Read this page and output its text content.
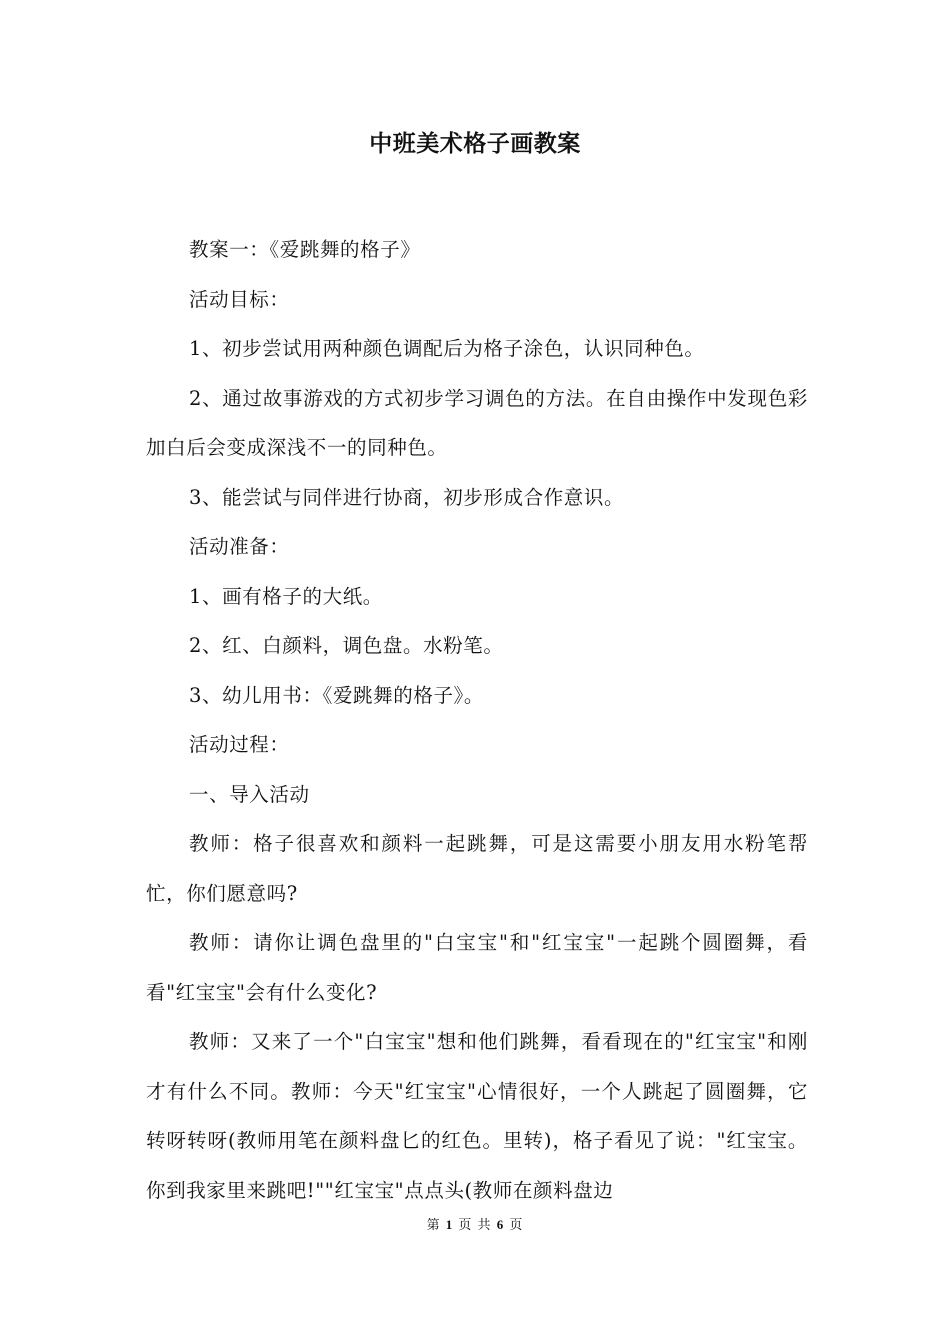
中班美术格子画教案

教案一：《爱跳舞的格子》

活动目标：

1、初步尝试用两种颜色调配后为格子涂色，认识同种色。

2、通过故事游戏的方式初步学习调色的方法。在自由操作中发现色彩加白后会变成深浅不一的同种色。

3、能尝试与同伴进行协商，初步形成合作意识。

活动准备：

1、画有格子的大纸。

2、红、白颜料，调色盘。水粉笔。

3、幼儿用书：《爱跳舞的格子》。

活动过程：

一、导入活动

教师：格子很喜欢和颜料一起跳舞，可是这需要小朋友用水粉笔帮忙，你们愿意吗?

教师：请你让调色盘里的"白宝宝"和"红宝宝"一起跳个圆圈舞，看看"红宝宝"会有什么变化?

教师：又来了一个"白宝宝"想和他们跳舞，看看现在的"红宝宝"和刚才有什么不同。教师：今天"红宝宝"心情很好，一个人跳起了圆圈舞，它转呀转呀(教师用笔在颜料盘匕的红色。里转)，格子看见了说："红宝宝。你到我家里来跳吧!""红宝宝"点点头(教师在颜料盘边

第 1 页 共 6 页
